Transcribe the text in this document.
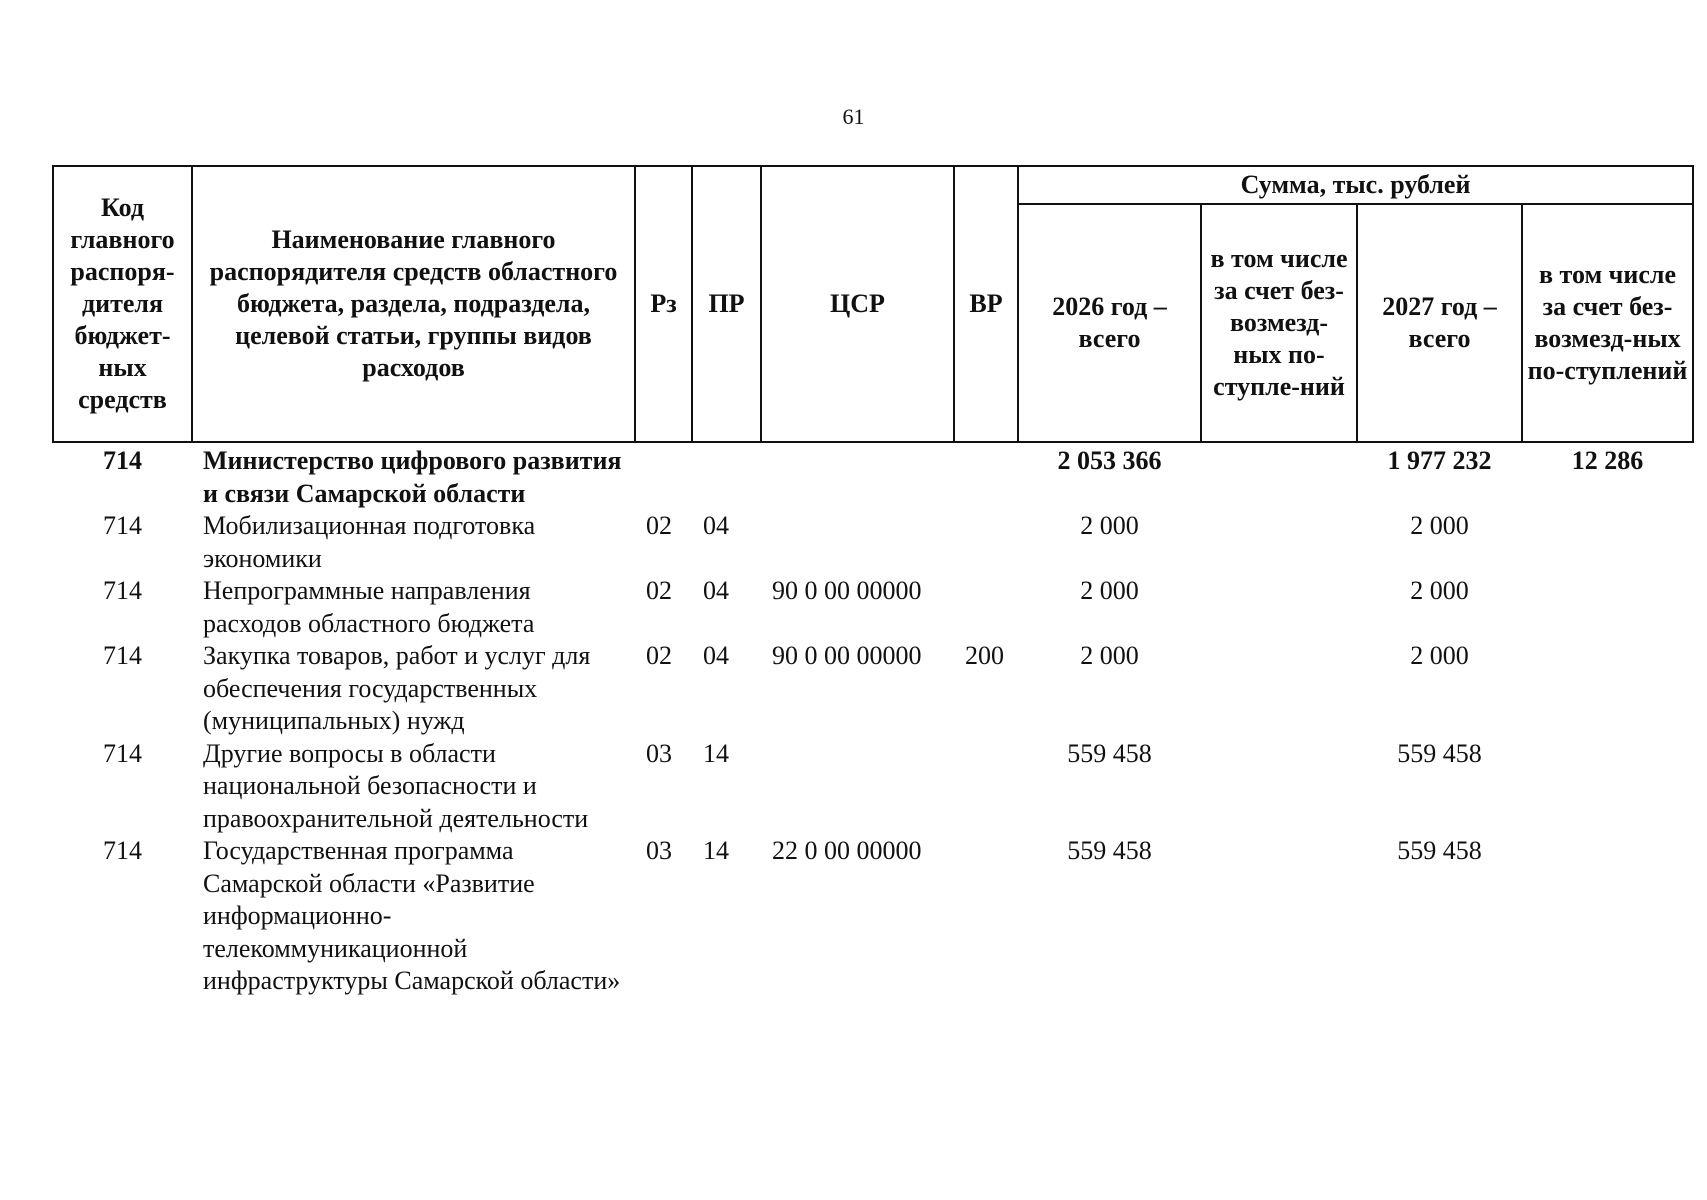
61
Код главного распоря-дителя бюджет-ных средств	Наименование главного распорядителя средств областного бюджета, раздела, подраздела, целевой статьи, группы видов расходов	Рз	ПР	ЦСР	ВР	Сумма, тыс. рублей			
						2026 год – всего	в том числе за счет без-возмезд-ных по-ступле-ний	2027 год – всего	в том числе за счет без-возмезд-ных по-ступлений
714	Министерство цифрового развития и связи Самарской области					2 053 366		1 977 232	12 286
714	Мобилизационная подготовка экономики	02	04			2 000		2 000	
714	Непрограммные направления расходов областного бюджета	02	04	90 0 00 00000		2 000		2 000	
714	Закупка товаров, работ и услуг для обеспечения государственных (муниципальных) нужд	02	04	90 0 00 00000	200	2 000		2 000	
714	Другие вопросы в области национальной безопасности и правоохранительной деятельности	03	14			559 458		559 458	
714	Государственная программа Самарской области «Развитие информационно-телекоммуникационной инфраструктуры Самарской области»	03	14	22 0 00 00000		559 458		559 458	
